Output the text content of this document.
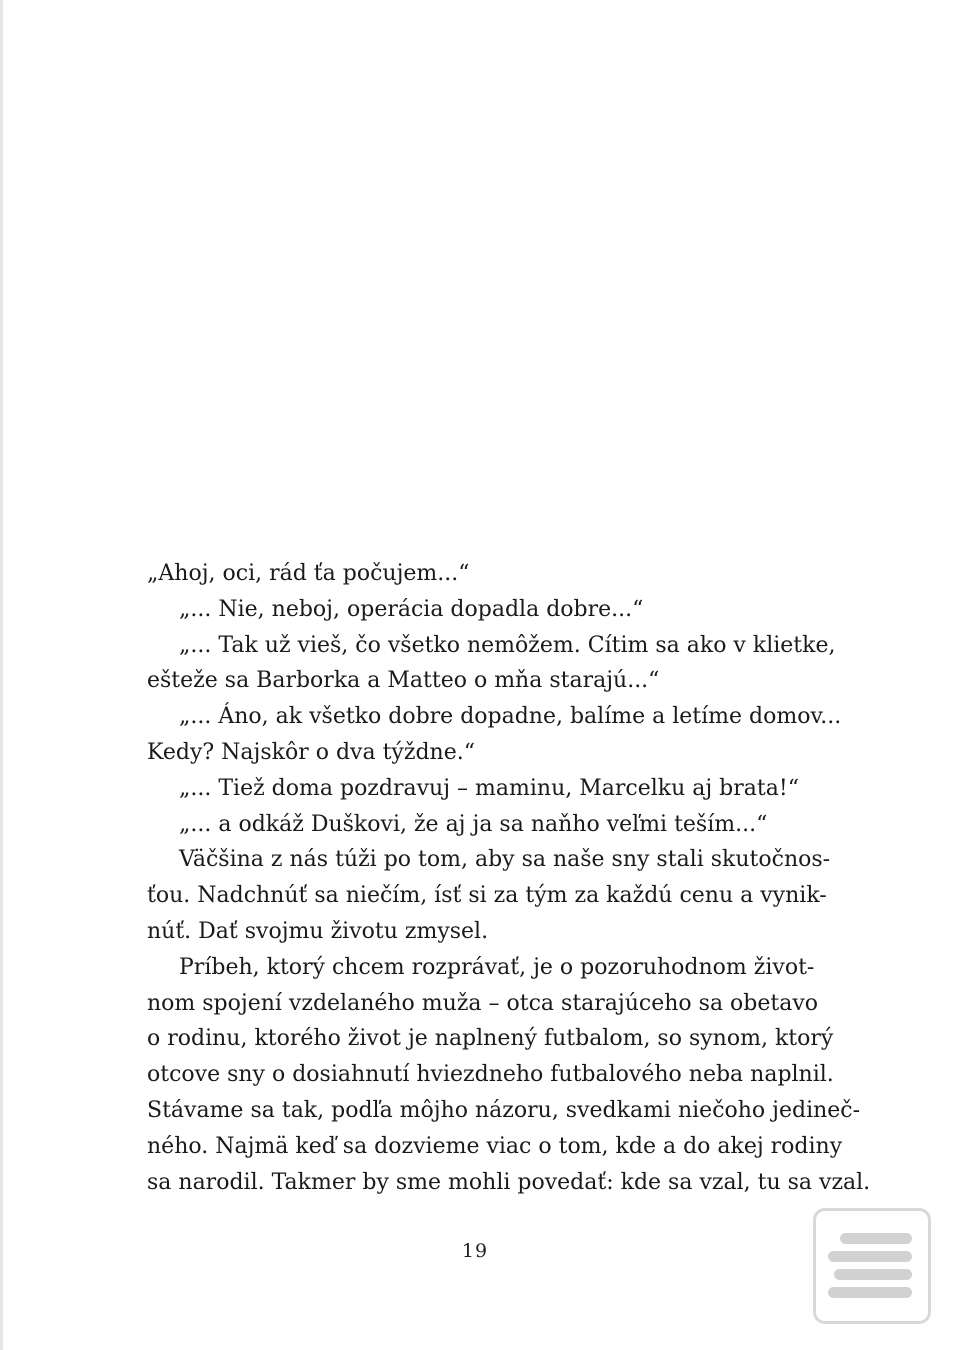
„Ahoj, oci, rád ťa počujem...“
„... Nie, neboj, operácia dopadla dobre...“
„... Tak už vieš, čo všetko nemôžem. Cítim sa ako v klietke,
ešteže sa Barborka a Matteo o mňa starajú...“
„... Áno, ak všetko dobre dopadne, balíme a letíme domov...
Kedy? Najskôr o dva týždne.“
„... Tiež doma pozdravuj – maminu, Marcelku aj brata!“
„... a odkáž Duškovi, že aj ja sa naňho veľmi teším...“
Väčšina z nás túži po tom, aby sa naše sny stali skutočnos-
ťou. Nadchnúť sa niečím, ísť si za tým za každú cenu a vynik-
núť. Dať svojmu životu zmysel.
Príbeh, ktorý chcem rozprávať, je o pozoruhodnom život-
nom spojení vzdelaného muža – otca starajúceho sa obetavo
o rodinu, ktorého život je naplnený futbalom, so synom, ktorý
otcove sny o dosiahnutí hviezdneho futbalového neba naplnil.
Stávame sa tak, podľa môjho názoru, svedkami niečoho jedineč-
ného. Najmä keď sa dozvieme viac o tom, kde a do akej rodiny
sa narodil. Takmer by sme mohli povedať: kde sa vzal, tu sa vzal.
19
